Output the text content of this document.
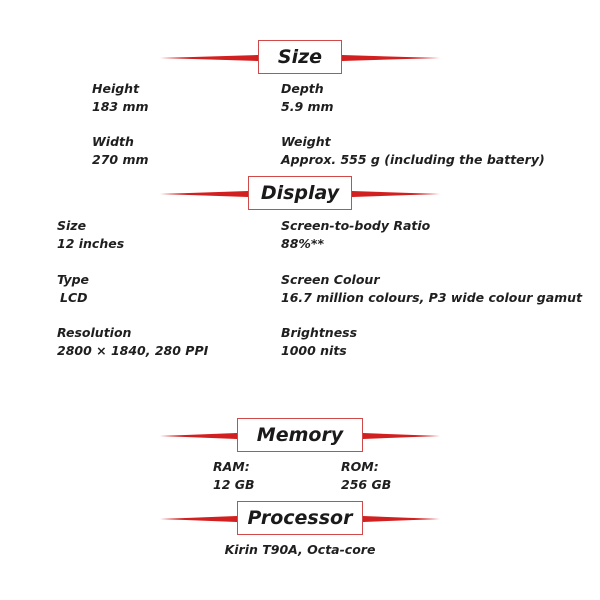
Size
Height
183 mm
Depth
5.9 mm
Width
270 mm
Weight
Approx. 555 g (including the battery)
Display
Size
12 inches
Screen-to-body Ratio
88%**
Type
LCD
Screen Colour
16.7 million colours, P3 wide colour gamut
Resolution
2800 × 1840, 280 PPI
Brightness
1000 nits
Memory
RAM:
12 GB
ROM:
256 GB
Processor
Kirin T90A, Octa-core
